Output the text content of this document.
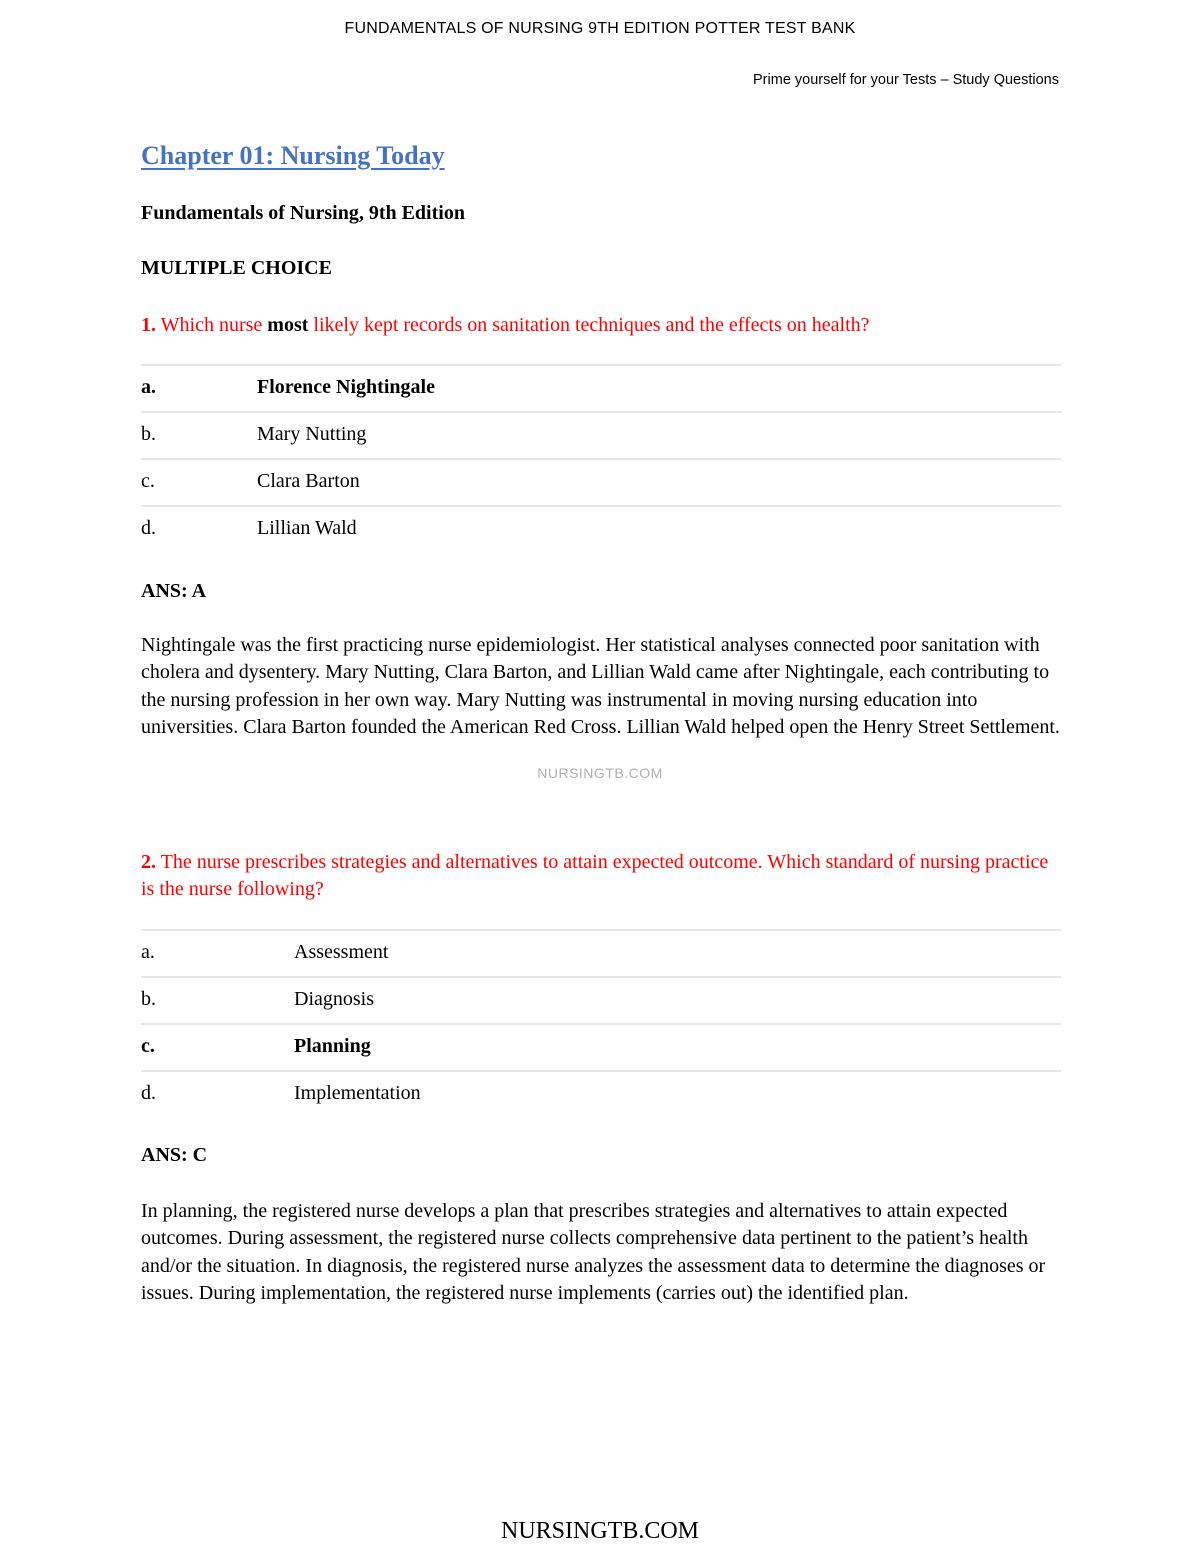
FUNDAMENTALS OF NURSING 9TH EDITION POTTER TEST BANK
Prime yourself for your Tests – Study Questions
Chapter 01: Nursing Today
Fundamentals of Nursing, 9th Edition
MULTIPLE CHOICE
1. Which nurse most likely kept records on sanitation techniques and the effects on health?
a.	Florence Nightingale
b.	Mary Nutting
c.	Clara Barton
d.	Lillian Wald
ANS: A
Nightingale was the first practicing nurse epidemiologist. Her statistical analyses connected poor sanitation with cholera and dysentery. Mary Nutting, Clara Barton, and Lillian Wald came after Nightingale, each contributing to the nursing profession in her own way. Mary Nutting was instrumental in moving nursing education into universities. Clara Barton founded the American Red Cross. Lillian Wald helped open the Henry Street Settlement.
NURSINGTB.COM
2. The nurse prescribes strategies and alternatives to attain expected outcome. Which standard of nursing practice is the nurse following?
a.	Assessment
b.	Diagnosis
c.	Planning
d.	Implementation
ANS: C
In planning, the registered nurse develops a plan that prescribes strategies and alternatives to attain expected outcomes. During assessment, the registered nurse collects comprehensive data pertinent to the patient’s health and/or the situation. In diagnosis, the registered nurse analyzes the assessment data to determine the diagnoses or issues. During implementation, the registered nurse implements (carries out) the identified plan.
NURSINGTB.COM
